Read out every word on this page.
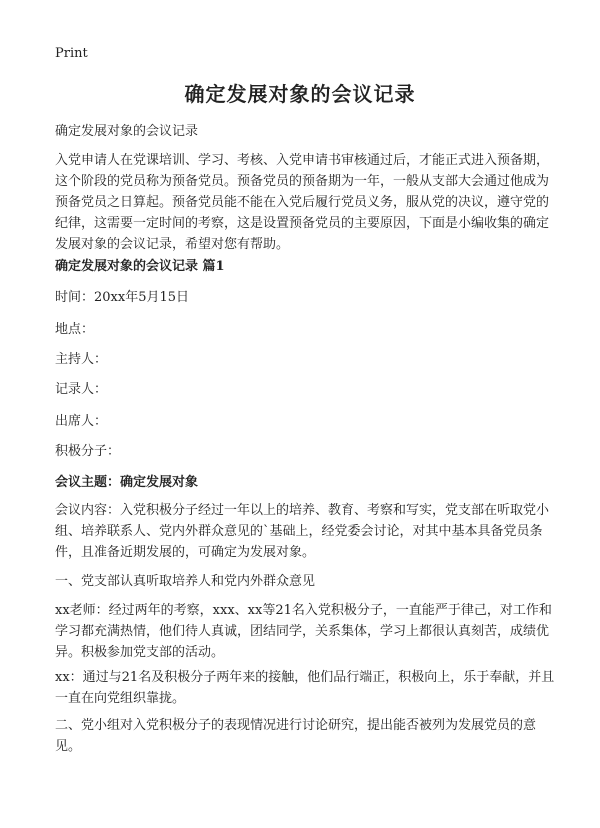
Print
确定发展对象的会议记录
确定发展对象的会议记录
入党申请人在党课培训、学习、考核、入党申请书审核通过后，才能正式进入预备期，这个阶段的党员称为预备党员。预备党员的预备期为一年，一般从支部大会通过他成为预备党员之日算起。预备党员能不能在入党后履行党员义务，服从党的决议，遵守党的纪律，这需要一定时间的考察，这是设置预备党员的主要原因，下面是小编收集的确定发展对象的会议记录，希望对您有帮助。
确定发展对象的会议记录 篇1
时间：20xx年5月15日
地点：
主持人：
记录人：
出席人：
积极分子：
会议主题：确定发展对象
会议内容：入党积极分子经过一年以上的培养、教育、考察和写实，党支部在听取党小组、培养联系人、党内外群众意见的`基础上，经党委会讨论，对其中基本具备党员条件，且准备近期发展的，可确定为发展对象。
一、党支部认真听取培养人和党内外群众意见
xx老师：经过两年的考察，xxx、xx等21名入党积极分子，一直能严于律己，对工作和学习都充满热情，他们待人真诚，团结同学，关系集体，学习上都很认真刻苦，成绩优异。积极参加党支部的活动。
xx：通过与21名及积极分子两年来的接触，他们品行端正，积极向上，乐于奉献，并且一直在向党组织靠拢。
二、党小组对入党积极分子的表现情况进行讨论研究，提出能否被列为发展党员的意见。
